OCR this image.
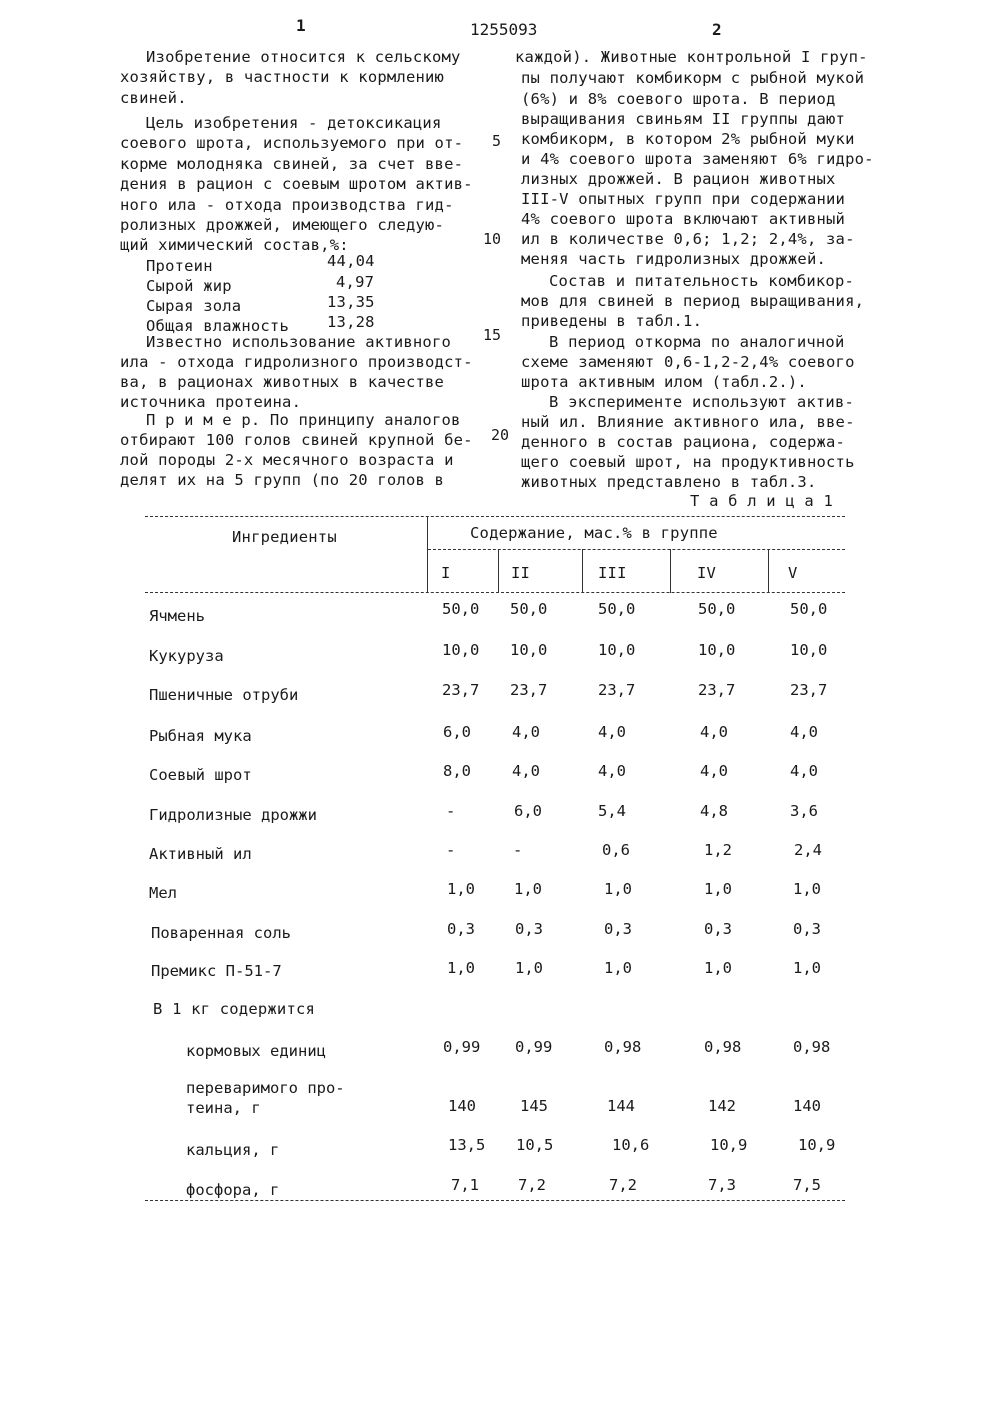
1	1255093	2
Изобретение относится к сельскому
хозяйству, в частности к кормлению
свиней.
Цель изобретения - детоксикация
соевого шрота, используемого при от-
корме молодняка свиней, за счет вве-
дения в рацион с соевым шротом актив-
ного ила - отхода производства гид-
ролизных дрожжей, имеющего следую-
щий химический состав,%:
Протеин	44,04
Сырой жир	4,97
Сырая зола	13,35
Общая влажность 13,28
Известно использование активного
ила - отхода гидролизного производст-
ва, в рационах животных в качестве
источника протеина.
П р и м е р. По принципу аналогов
отбирают 100 голов свиней крупной бе-
лой породы 2-х месячного возраста и
делят их на 5 групп (по 20 голов в
5
10
15
20
каждой). Животные контрольной I груп-
пы получают комбикорм с рыбной мукой
(6%) и 8% соевого шрота. В период
выращивания свиньям II группы дают
комбикорм, в котором 2% рыбной муки
и 4% соевого шрота заменяют 6% гидро-
лизных дрожжей. В рацион животных
III-V опытных групп при содержании
4% соевого шрота включают активный
ил в количестве 0,6; 1,2; 2,4%, за-
меняя часть гидролизных дрожжей.
Состав и питательность комбикор-
мов для свиней в период выращивания,
приведены в табл.1.
В период откорма по аналогичной
схеме заменяют 0,6-1,2-2,4% соевого
шрота активным илом (табл.2.).
В эксперименте используют актив-
ный ил. Влияние активного ила, вве-
денного в состав рациона, содержа-
щего соевый шрот, на продуктивность
животных представлено в табл.3.
Т а б л и ц а 1
Ингредиенты	Содержание, мас.% в группе
I	II	III	IV	V
Ячмень	50,0 50,0	50,0	50,0	50,0
Кукуруза	10,0 10,0	10,0	10,0	10,0
Пшеничные отруби	23,7 23,7	23,7	23,7	23,7
Рыбная мука	6,0	4,0	4,0	4,0	4,0
Соевый шрот	8,0	4,0	4,0	4,0	4,0
Гидролизные дрожжи	-	6,0	5,4	4,8	3,6
Активный ил	-	-	0,6	1,2	2,4
Мел	1,0	1,0	1,0	1,0	1,0
Поваренная соль	0,3	0,3	0,3	0,3	0,3
Премикс П-51-7	1,0	1,0	1,0	1,0	1,0
В 1 кг содержится
кормовых единиц	0,99 0,99	0,98	0,98	0,98
переваримого про-
теина, г	140	145	144	142	140
кальция, г	13,5 10,5	10,6	10,9	10,9
фосфора, г	7,1	7,2	7,2	7,3	7,5
